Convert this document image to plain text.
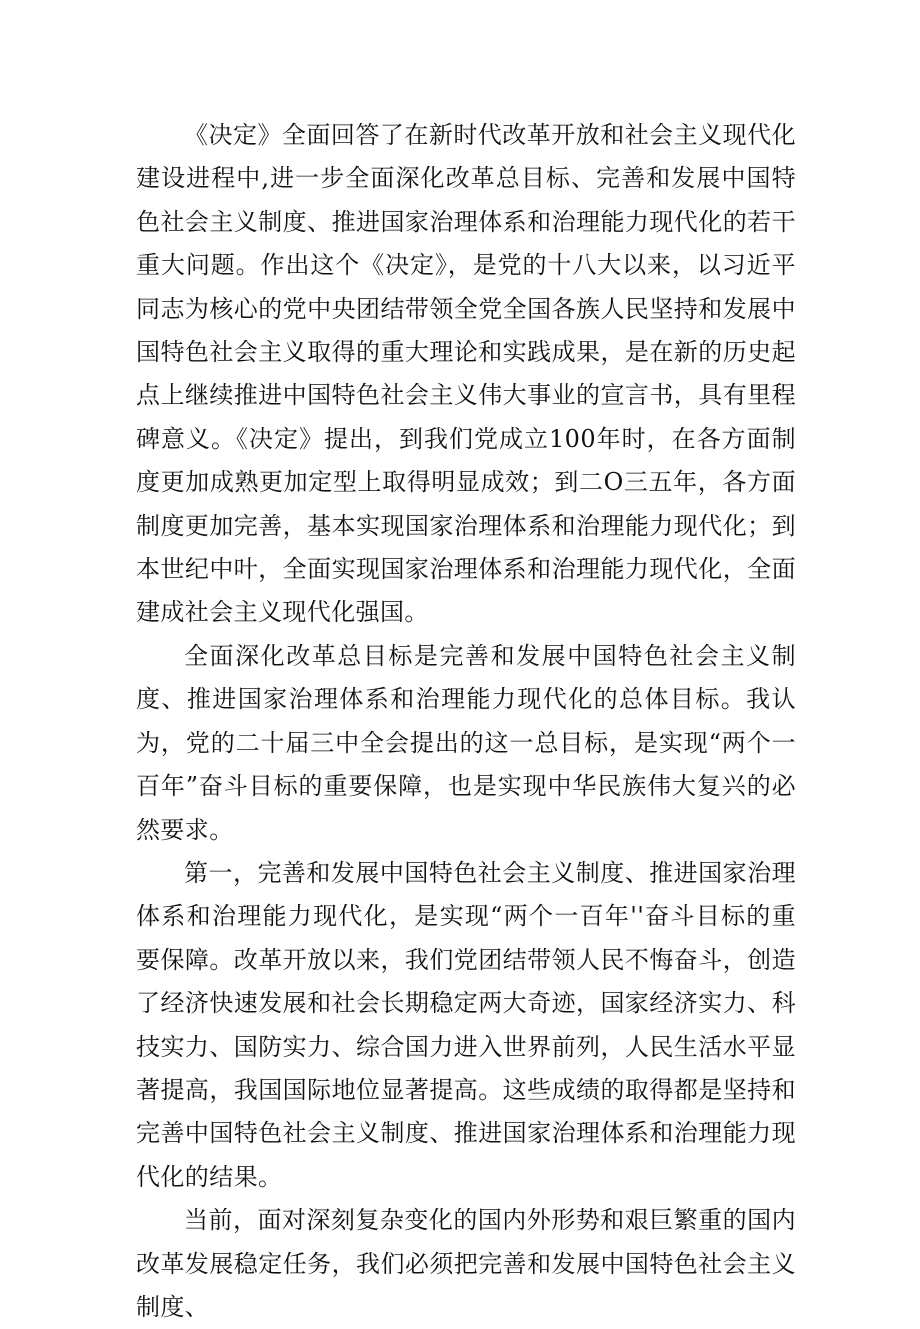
《决定》全面回答了在新时代改革开放和社会主义现代化建设进程中,进一步全面深化改革总目标、完善和发展中国特色社会主义制度、推进国家治理体系和治理能力现代化的若干重大问题。作出这个《决定》，是党的十八大以来，以习近平同志为核心的党中央团结带领全党全国各族人民坚持和发展中国特色社会主义取得的重大理论和实践成果，是在新的历史起点上继续推进中国特色社会主义伟大事业的宣言书，具有里程碑意义。《决定》提出，到我们党成立100年时，在各方面制度更加成熟更加定型上取得明显成效；到二O三五年，各方面制度更加完善，基本实现国家治理体系和治理能力现代化；到本世纪中叶，全面实现国家治理体系和治理能力现代化，全面建成社会主义现代化强国。

全面深化改革总目标是完善和发展中国特色社会主义制度、推进国家治理体系和治理能力现代化的总体目标。我认为，党的二十届三中全会提出的这一总目标，是实现“两个一百年”奋斗目标的重要保障，也是实现中华民族伟大复兴的必然要求。

第一，完善和发展中国特色社会主义制度、推进国家治理体系和治理能力现代化，是实现“两个一百年''奋斗目标的重要保障。改革开放以来，我们党团结带领人民不悔奋斗，创造了经济快速发展和社会长期稳定两大奇迹，国家经济实力、科技实力、国防实力、综合国力进入世界前列，人民生活水平显著提高，我国国际地位显著提高。这些成绩的取得都是坚持和完善中国特色社会主义制度、推进国家治理体系和治理能力现代化的结果。

当前，面对深刻复杂变化的国内外形势和艰巨繁重的国内改革发展稳定任务，我们必须把完善和发展中国特色社会主义制度、
